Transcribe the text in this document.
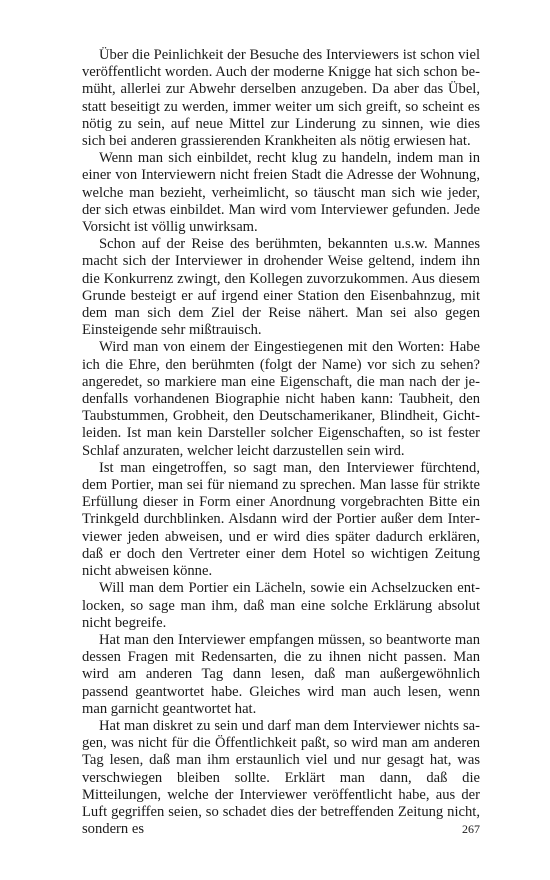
Über die Peinlichkeit der Besuche des Interviewers ist schon viel veröffentlicht worden. Auch der moderne Knigge hat sich schon bemüht, allerlei zur Abwehr derselben anzugeben. Da aber das Übel, statt beseitigt zu werden, immer weiter um sich greift, so scheint es nötig zu sein, auf neue Mittel zur Linderung zu sinnen, wie dies sich bei anderen grassierenden Krankheiten als nötig erwiesen hat.

Wenn man sich einbildet, recht klug zu handeln, indem man in einer von Interviewern nicht freien Stadt die Adresse der Wohnung, welche man bezieht, verheimlicht, so täuscht man sich wie jeder, der sich etwas einbildet. Man wird vom Interviewer gefunden. Jede Vorsicht ist völlig unwirksam.

Schon auf der Reise des berühmten, bekannten u.s.w. Mannes macht sich der Interviewer in drohender Weise geltend, indem ihn die Konkurrenz zwingt, den Kollegen zuvorzukommen. Aus diesem Grunde besteigt er auf irgend einer Station den Eisenbahnzug, mit dem man sich dem Ziel der Reise nähert. Man sei also gegen Einsteigende sehr mißtrauisch.

Wird man von einem der Eingestiegenen mit den Worten: Habe ich die Ehre, den berühmten (folgt der Name) vor sich zu sehen? angeredet, so markiere man eine Eigenschaft, die man nach der jedenfalls vorhandenen Biographie nicht haben kann: Taubheit, den Taubstummen, Grobheit, den Deutschamerikaner, Blindheit, Gichtleiden. Ist man kein Darsteller solcher Eigenschaften, so ist fester Schlaf anzuraten, welcher leicht darzustellen sein wird.

Ist man eingetroffen, so sagt man, den Interviewer fürchtend, dem Portier, man sei für niemand zu sprechen. Man lasse für strikte Erfüllung dieser in Form einer Anordnung vorgebrachten Bitte ein Trinkgeld durchblinken. Alsdann wird der Portier außer dem Interviewer jeden abweisen, und er wird dies später dadurch erklären, daß er doch den Vertreter einer dem Hotel so wichtigen Zeitung nicht abweisen könne.

Will man dem Portier ein Lächeln, sowie ein Achselzucken entlocken, so sage man ihm, daß man eine solche Erklärung absolut nicht begreife.

Hat man den Interviewer empfangen müssen, so beantworte man dessen Fragen mit Redensarten, die zu ihnen nicht passen. Man wird am anderen Tag dann lesen, daß man außergewöhnlich passend geantwortet habe. Gleiches wird man auch lesen, wenn man garnicht geantwortet hat.

Hat man diskret zu sein und darf man dem Interviewer nichts sagen, was nicht für die Öffentlichkeit paßt, so wird man am anderen Tag lesen, daß man ihm erstaunlich viel und nur gesagt hat, was verschwiegen bleiben sollte. Erklärt man dann, daß die Mitteilungen, welche der Interviewer veröffentlicht habe, aus der Luft gegriffen seien, so schadet dies der betreffenden Zeitung nicht, sondern es	267
